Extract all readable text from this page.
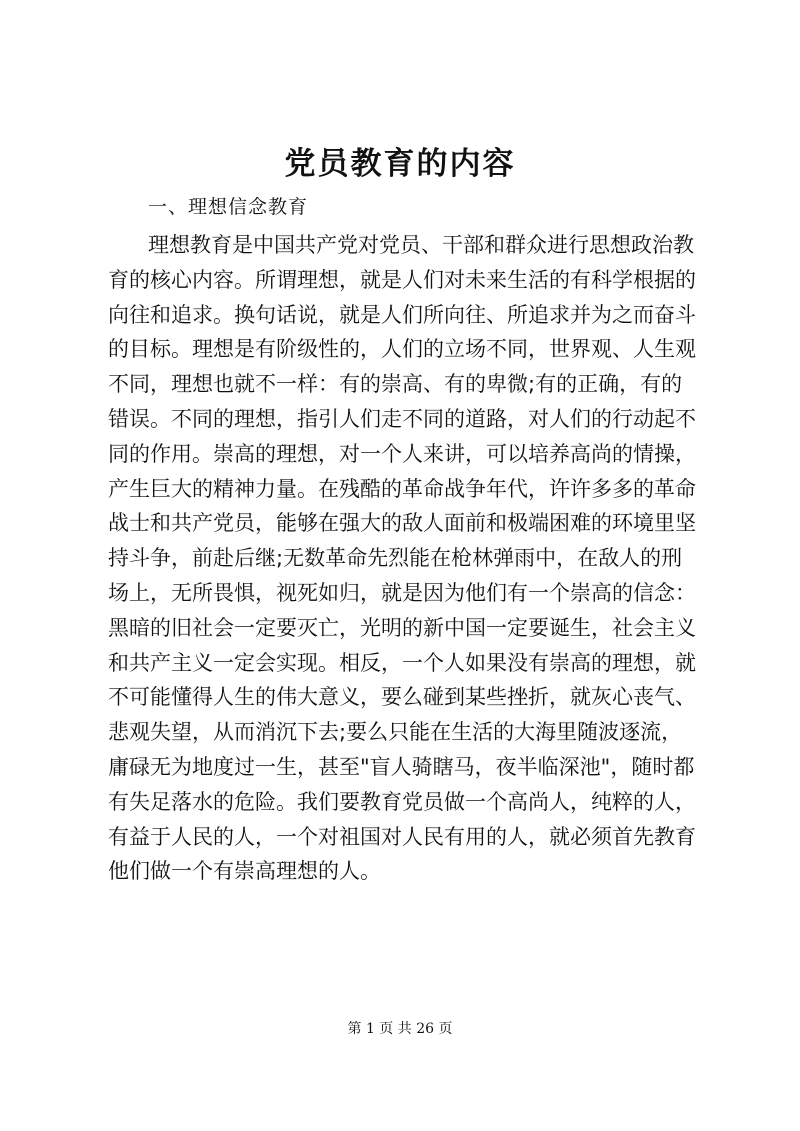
党员教育的内容
一、理想信念教育
理想教育是中国共产党对党员、干部和群众进行思想政治教
育的核心内容。所谓理想，就是人们对未来生活的有科学根据的
向往和追求。换句话说，就是人们所向往、所追求并为之而奋斗
的目标。理想是有阶级性的，人们的立场不同，世界观、人生观
不同，理想也就不一样：有的崇高、有的卑微;有的正确，有的
错误。不同的理想，指引人们走不同的道路，对人们的行动起不
同的作用。崇高的理想，对一个人来讲，可以培养高尚的情操，
产生巨大的精神力量。在残酷的革命战争年代，许许多多的革命
战士和共产党员，能够在强大的敌人面前和极端困难的环境里坚
持斗争，前赴后继;无数革命先烈能在枪林弹雨中，在敌人的刑
场上，无所畏惧，视死如归，就是因为他们有一个崇高的信念：
黑暗的旧社会一定要灭亡，光明的新中国一定要诞生，社会主义
和共产主义一定会实现。相反，一个人如果没有崇高的理想，就
不可能懂得人生的伟大意义，要么碰到某些挫折，就灰心丧气、
悲观失望，从而消沉下去;要么只能在生活的大海里随波逐流，
庸碌无为地度过一生，甚至"盲人骑瞎马，夜半临深池"，随时都
有失足落水的危险。我们要教育党员做一个高尚人，纯粹的人，
有益于人民的人，一个对祖国对人民有用的人，就必须首先教育
他们做一个有崇高理想的人。
第 1 页 共 26 页
